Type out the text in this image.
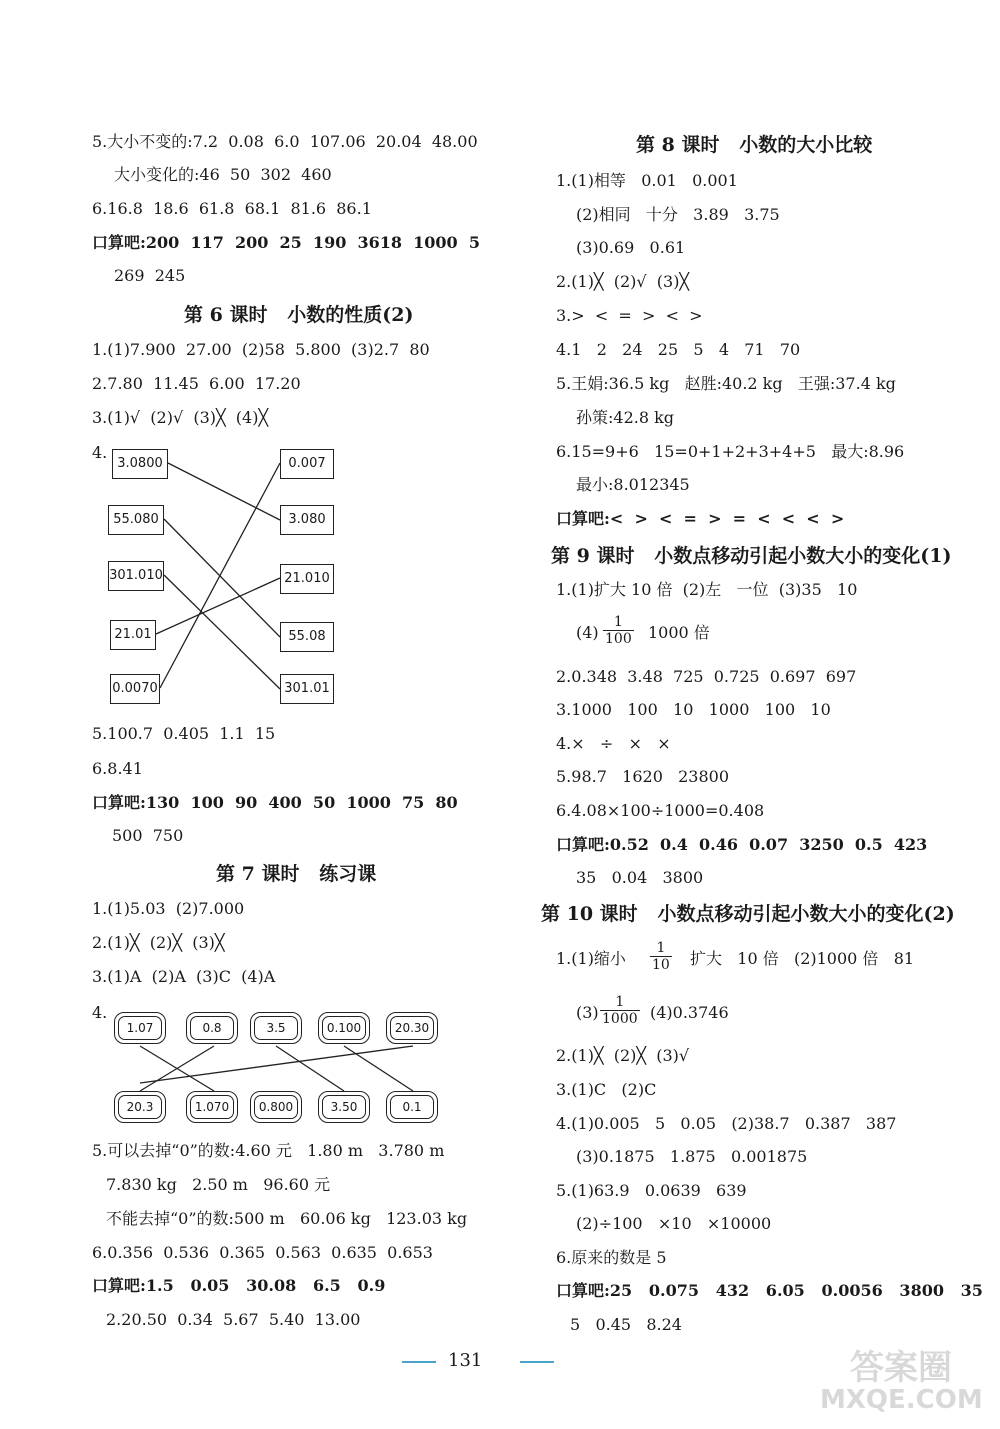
5.大小不变的:7.2  0.08  6.0  107.06  20.04  48.00
大小变化的:46  50  302  460
6.16.8  18.6  61.8  68.1  81.6  86.1
口算吧:200  117  200  25  190  3618  1000  5
269  245
第 6 课时   小数的性质(2)
1.(1)7.900  27.00  (2)58  5.800  (3)2.7  80
2.7.80  11.45  6.00  17.20
3.(1)√  (2)√  (3)╳  (4)╳
4.
3.0800
55.080
301.010
21.01
0.0070
0.007
3.080
21.010
55.08
301.01
5.100.7  0.405  1.1  15
6.8.41
口算吧:130  100  90  400  50  1000  75  80
500  750
第 7 课时   练习课
1.(1)5.03  (2)7.000
2.(1)╳  (2)╳  (3)╳
3.(1)A  (2)A  (3)C  (4)A
4.
1.07	0.8	3.5	0.100	20.30
20.3	1.070	0.800	3.50	0.1
5.可以去掉“0”的数:4.60 元   1.80 m   3.780 m
7.830 kg   2.50 m   96.60 元
不能去掉“0”的数:500 m   60.06 kg   123.03 kg
6.0.356  0.536  0.365  0.563  0.635  0.653
口算吧:1.5   0.05   30.08   6.5   0.9
2.20.50  0.34  5.67  5.40  13.00
第 8 课时   小数的大小比较
1.(1)相等   0.01   0.001
(2)相同   十分   3.89   3.75
(3)0.69   0.61
2.(1)╳  (2)√  (3)╳
3.>  <  =  >  <  >
4.1   2   24   25   5   4   71   70
5.王娟:36.5 kg   赵胜:40.2 kg   王强:37.4 kg
孙策:42.8 kg
6.15=9+6   15=0+1+2+3+4+5   最大:8.96
最小:8.012345
口算吧:<  >  <  =  >  =  <  <  <  >
第 9 课时   小数点移动引起小数大小的变化(1)
1.(1)扩大 10 倍  (2)左   一位  (3)35   10
$(4) \frac{1}{100} 1000$ 倍
2.0.348  3.48  725  0.725  0.697  697
3.1000   100   10   1000   100   10
4.×   ÷   ×   ×
5.98.7   1620   23800
6.4.08×100÷1000=0.408
口算吧:0.52  0.4  0.46  0.07  3250  0.5  423
35   0.04   3800
第 10 课时   小数点移动引起小数大小的变化(2)
1.(1)缩小 $\frac{1}{10}$ 扩大   10 倍   (2)1000 倍   81
$(3) \frac{1}{1000} (4)0.3746$
2.(1)╳  (2)╳  (3)√
3.(1)C   (2)C
4.(1)0.005   5   0.05   (2)38.7   0.387   387
(3)0.1875   1.875   0.001875
5.(1)63.9   0.0639   639
(2)÷100   ×10   ×10000
6.原来的数是 5
口算吧:25   0.075   432   6.05   0.0056   3800   35
5   0.45   8.24
131	答案圈
MXQE.COM
